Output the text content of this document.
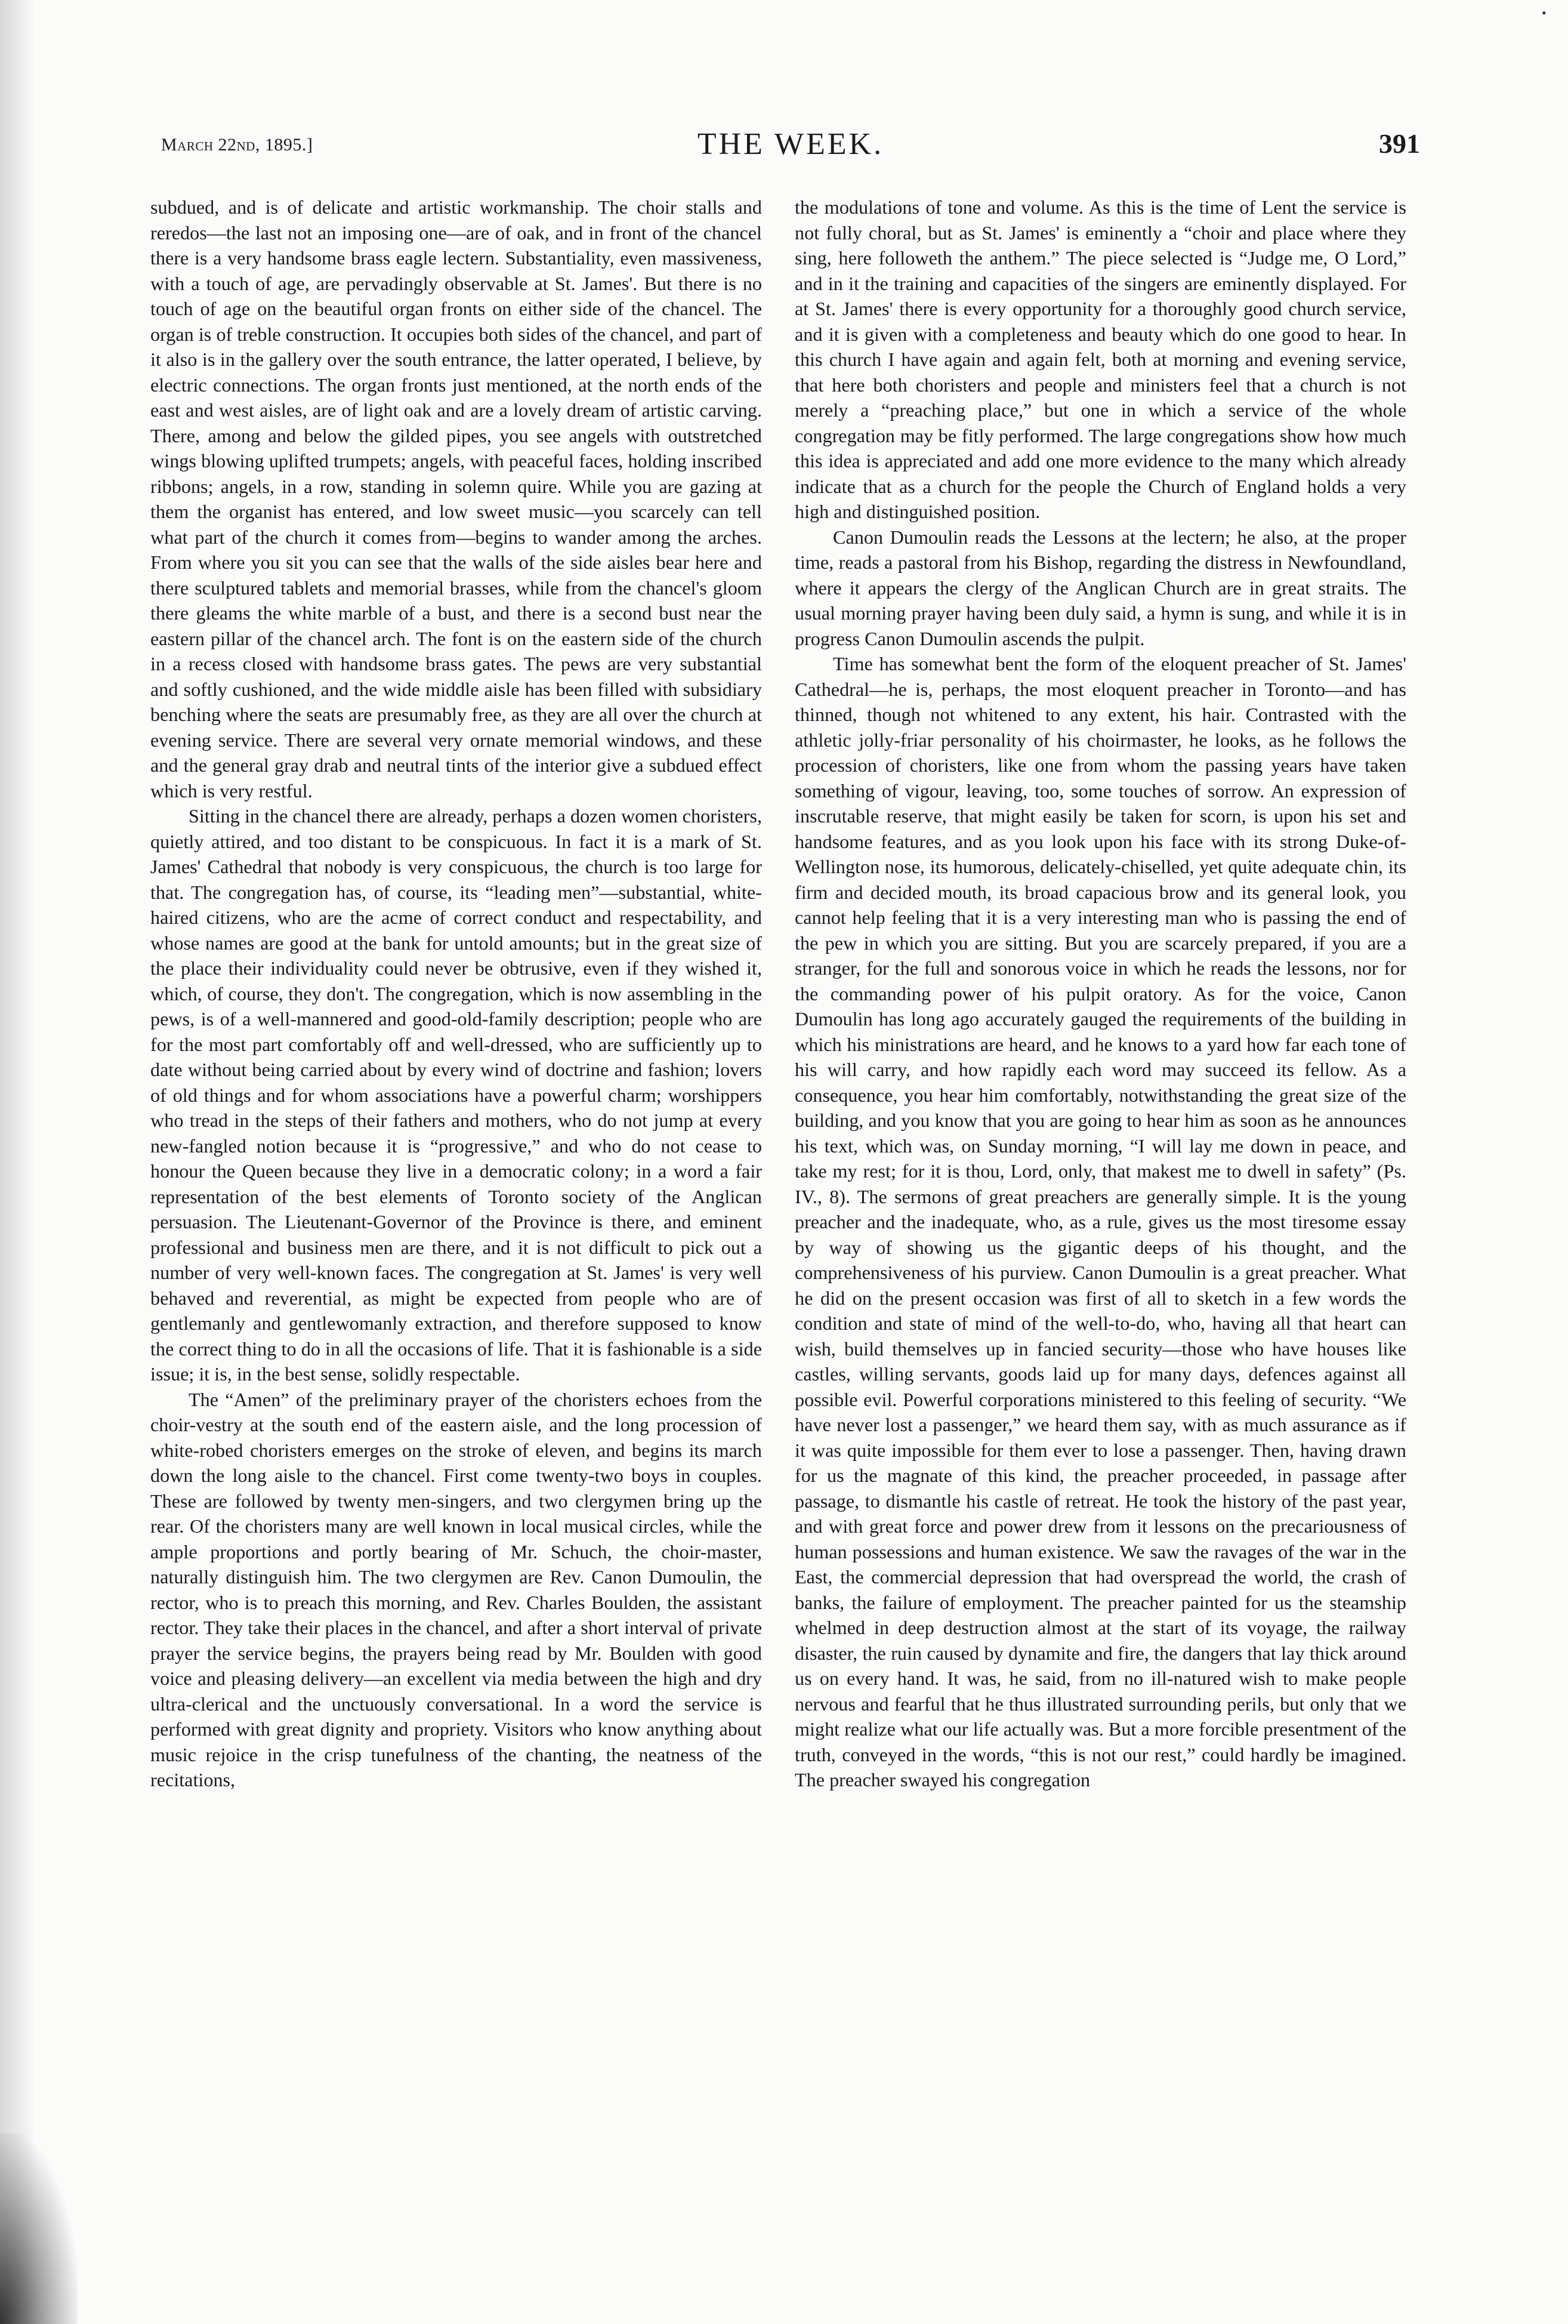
•
March 22nd, 1895.]	THE WEEK.	391

subdued, and is of delicate and artistic workmanship. The choir stalls and reredos—the last not an imposing one—are of oak, and in front of the chancel there is a very handsome brass eagle lectern. Substantiality, even massiveness, with a touch of age, are pervadingly observable at St. James'. But there is no touch of age on the beautiful organ fronts on either side of the chancel. The organ is of treble construction. It occupies both sides of the chancel, and part of it also is in the gallery over the south entrance, the latter operated, I believe, by electric connections. The organ fronts just mentioned, at the north ends of the east and west aisles, are of light oak and are a lovely dream of artistic carving. There, among and below the gilded pipes, you see angels with outstretched wings blowing uplifted trumpets; angels, with peaceful faces, holding inscribed ribbons; angels, in a row, standing in solemn quire. While you are gazing at them the organist has entered, and low sweet music—you scarcely can tell what part of the church it comes from—begins to wander among the arches. From where you sit you can see that the walls of the side aisles bear here and there sculptured tablets and memorial brasses, while from the chancel's gloom there gleams the white marble of a bust, and there is a second bust near the eastern pillar of the chancel arch. The font is on the eastern side of the church in a recess closed with handsome brass gates. The pews are very substantial and softly cushioned, and the wide middle aisle has been filled with subsidiary benching where the seats are presumably free, as they are all over the church at evening service. There are several very ornate memorial windows, and these and the general gray drab and neutral tints of the interior give a subdued effect which is very restful.

Sitting in the chancel there are already, perhaps a dozen women choristers, quietly attired, and too distant to be conspicuous. In fact it is a mark of St. James' Cathedral that nobody is very conspicuous, the church is too large for that. The congregation has, of course, its “leading men”—substantial, white-haired citizens, who are the acme of correct conduct and respectability, and whose names are good at the bank for untold amounts; but in the great size of the place their individuality could never be obtrusive, even if they wished it, which, of course, they don't. The congregation, which is now assembling in the pews, is of a well-mannered and good-old-family description; people who are for the most part comfortably off and well-dressed, who are sufficiently up to date without being carried about by every wind of doctrine and fashion; lovers of old things and for whom associations have a powerful charm; worshippers who tread in the steps of their fathers and mothers, who do not jump at every new-fangled notion because it is “progressive,” and who do not cease to honour the Queen because they live in a democratic colony; in a word a fair representation of the best elements of Toronto society of the Anglican persuasion. The Lieutenant-Governor of the Province is there, and eminent professional and business men are there, and it is not difficult to pick out a number of very well-known faces. The congregation at St. James' is very well behaved and reverential, as might be expected from people who are of gentlemanly and gentlewomanly extraction, and therefore supposed to know the correct thing to do in all the occasions of life. That it is fashionable is a side issue; it is, in the best sense, solidly respectable.

The “Amen” of the preliminary prayer of the choristers echoes from the choir-vestry at the south end of the eastern aisle, and the long procession of white-robed choristers emerges on the stroke of eleven, and begins its march down the long aisle to the chancel. First come twenty-two boys in couples. These are followed by twenty men-singers, and two clergymen bring up the rear. Of the choristers many are well known in local musical circles, while the ample proportions and portly bearing of Mr. Schuch, the choir-master, naturally distinguish him. The two clergymen are Rev. Canon Dumoulin, the rector, who is to preach this morning, and Rev. Charles Boulden, the assistant rector. They take their places in the chancel, and after a short interval of private prayer the service begins, the prayers being read by Mr. Boulden with good voice and pleasing delivery—an excellent via media between the high and dry ultra-clerical and the unctuously conversational. In a word the service is performed with great dignity and propriety. Visitors who know anything about music rejoice in the crisp tunefulness of the chanting, the neatness of the recitations,

the modulations of tone and volume. As this is the time of Lent the service is not fully choral, but as St. James' is eminently a “choir and place where they sing, here followeth the anthem.” The piece selected is “Judge me, O Lord,” and in it the training and capacities of the singers are eminently displayed. For at St. James' there is every opportunity for a thoroughly good church service, and it is given with a completeness and beauty which do one good to hear. In this church I have again and again felt, both at morning and evening service, that here both choristers and people and ministers feel that a church is not merely a “preaching place,” but one in which a service of the whole congregation may be fitly performed. The large congregations show how much this idea is appreciated and add one more evidence to the many which already indicate that as a church for the people the Church of England holds a very high and distinguished position.

Canon Dumoulin reads the Lessons at the lectern; he also, at the proper time, reads a pastoral from his Bishop, regarding the distress in Newfoundland, where it appears the clergy of the Anglican Church are in great straits. The usual morning prayer having been duly said, a hymn is sung, and while it is in progress Canon Dumoulin ascends the pulpit.

Time has somewhat bent the form of the eloquent preacher of St. James' Cathedral—he is, perhaps, the most eloquent preacher in Toronto—and has thinned, though not whitened to any extent, his hair. Contrasted with the athletic jolly-friar personality of his choirmaster, he looks, as he follows the procession of choristers, like one from whom the passing years have taken something of vigour, leaving, too, some touches of sorrow. An expression of inscrutable reserve, that might easily be taken for scorn, is upon his set and handsome features, and as you look upon his face with its strong Duke-of-Wellington nose, its humorous, delicately-chiselled, yet quite adequate chin, its firm and decided mouth, its broad capacious brow and its general look, you cannot help feeling that it is a very interesting man who is passing the end of the pew in which you are sitting. But you are scarcely prepared, if you are a stranger, for the full and sonorous voice in which he reads the lessons, nor for the commanding power of his pulpit oratory. As for the voice, Canon Dumoulin has long ago accurately gauged the requirements of the building in which his ministrations are heard, and he knows to a yard how far each tone of his will carry, and how rapidly each word may succeed its fellow. As a consequence, you hear him comfortably, notwithstanding the great size of the building, and you know that you are going to hear him as soon as he announces his text, which was, on Sunday morning, “I will lay me down in peace, and take my rest; for it is thou, Lord, only, that makest me to dwell in safety” (Ps. IV., 8). The sermons of great preachers are generally simple. It is the young preacher and the inadequate, who, as a rule, gives us the most tiresome essay by way of showing us the gigantic deeps of his thought, and the comprehensiveness of his purview. Canon Dumoulin is a great preacher. What he did on the present occasion was first of all to sketch in a few words the condition and state of mind of the well-to-do, who, having all that heart can wish, build themselves up in fancied security—those who have houses like castles, willing servants, goods laid up for many days, defences against all possible evil. Powerful corporations ministered to this feeling of security. “We have never lost a passenger,” we heard them say, with as much assurance as if it was quite impossible for them ever to lose a passenger. Then, having drawn for us the magnate of this kind, the preacher proceeded, in passage after passage, to dismantle his castle of retreat. He took the history of the past year, and with great force and power drew from it lessons on the precariousness of human possessions and human existence. We saw the ravages of the war in the East, the commercial depression that had overspread the world, the crash of banks, the failure of employment. The preacher painted for us the steamship whelmed in deep destruction almost at the start of its voyage, the railway disaster, the ruin caused by dynamite and fire, the dangers that lay thick around us on every hand. It was, he said, from no ill-natured wish to make people nervous and fearful that he thus illustrated surrounding perils, but only that we might realize what our life actually was. But a more forcible presentment of the truth, conveyed in the words, “this is not our rest,” could hardly be imagined. The preacher swayed his congregation
